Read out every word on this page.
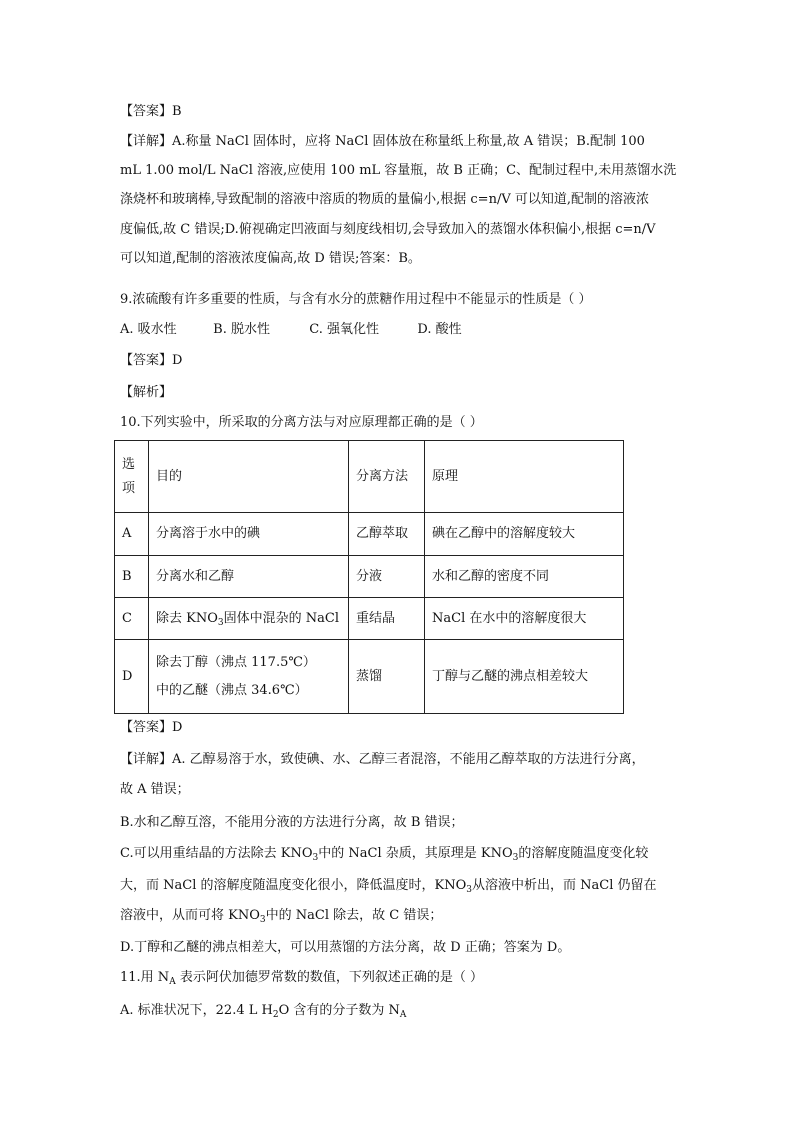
【答案】B
【详解】A.称量 NaCl 固体时，应将 NaCl 固体放在称量纸上称量,故 A 错误；B.配制 100
mL 1.00 mol/L NaCl 溶液,应使用 100 mL 容量瓶，故 B 正确；C、配制过程中,未用蒸馏水洗
涤烧杯和玻璃棒,导致配制的溶液中溶质的物质的量偏小,根据 c=n/V 可以知道,配制的溶液浓
度偏低,故 C 错误;D.俯视确定凹液面与刻度线相切,会导致加入的蒸馏水体积偏小,根据 c=n/V
可以知道,配制的溶液浓度偏高,故 D 错误;答案：B。
9.浓硫酸有许多重要的性质，与含有水分的蔗糖作用过程中不能显示的性质是（ ）
A. 吸水性	B. 脱水性	C. 强氧化性	D. 酸性
【答案】D
【解析】
10.下列实验中，所采取的分离方法与对应原理都正确的是（ ）
选
项	目的	分离方法	原理
A	分离溶于水中的碘	乙醇萃取	碘在乙醇中的溶解度较大
B	分离水和乙醇	分液	水和乙醇的密度不同
C	除去 $KNO_3$固体中混杂的 NaCl	重结晶	NaCl 在水中的溶解度很大
D	除去丁醇（沸点 117.5℃）
中的乙醚（沸点 34.6℃）	蒸馏	丁醇与乙醚的沸点相差较大
【答案】D
【详解】A. 乙醇易溶于水，致使碘、水、乙醇三者混溶，不能用乙醇萃取的方法进行分离，
故 A 错误；
B.水和乙醇互溶，不能用分液的方法进行分离，故 B 错误；
C.可以用重结晶的方法除去 $KNO_3$中的 NaCl 杂质，其原理是 $KNO_3$的溶解度随温度变化较
大，而 NaCl 的溶解度随温度变化很小，降低温度时，$KNO_3$从溶液中析出，而 NaCl 仍留在
溶液中，从而可将 $KNO_3$中的 NaCl 除去，故 C 错误；
D.丁醇和乙醚的沸点相差大，可以用蒸馏的方法分离，故 D 正确；答案为 D。
11.用 $N_A$ 表示阿伏加德罗常数的数值，下列叙述正确的是（ ）
A. 标准状况下，22.4 L $H_2O$ 含有的分子数为 $N_A$
